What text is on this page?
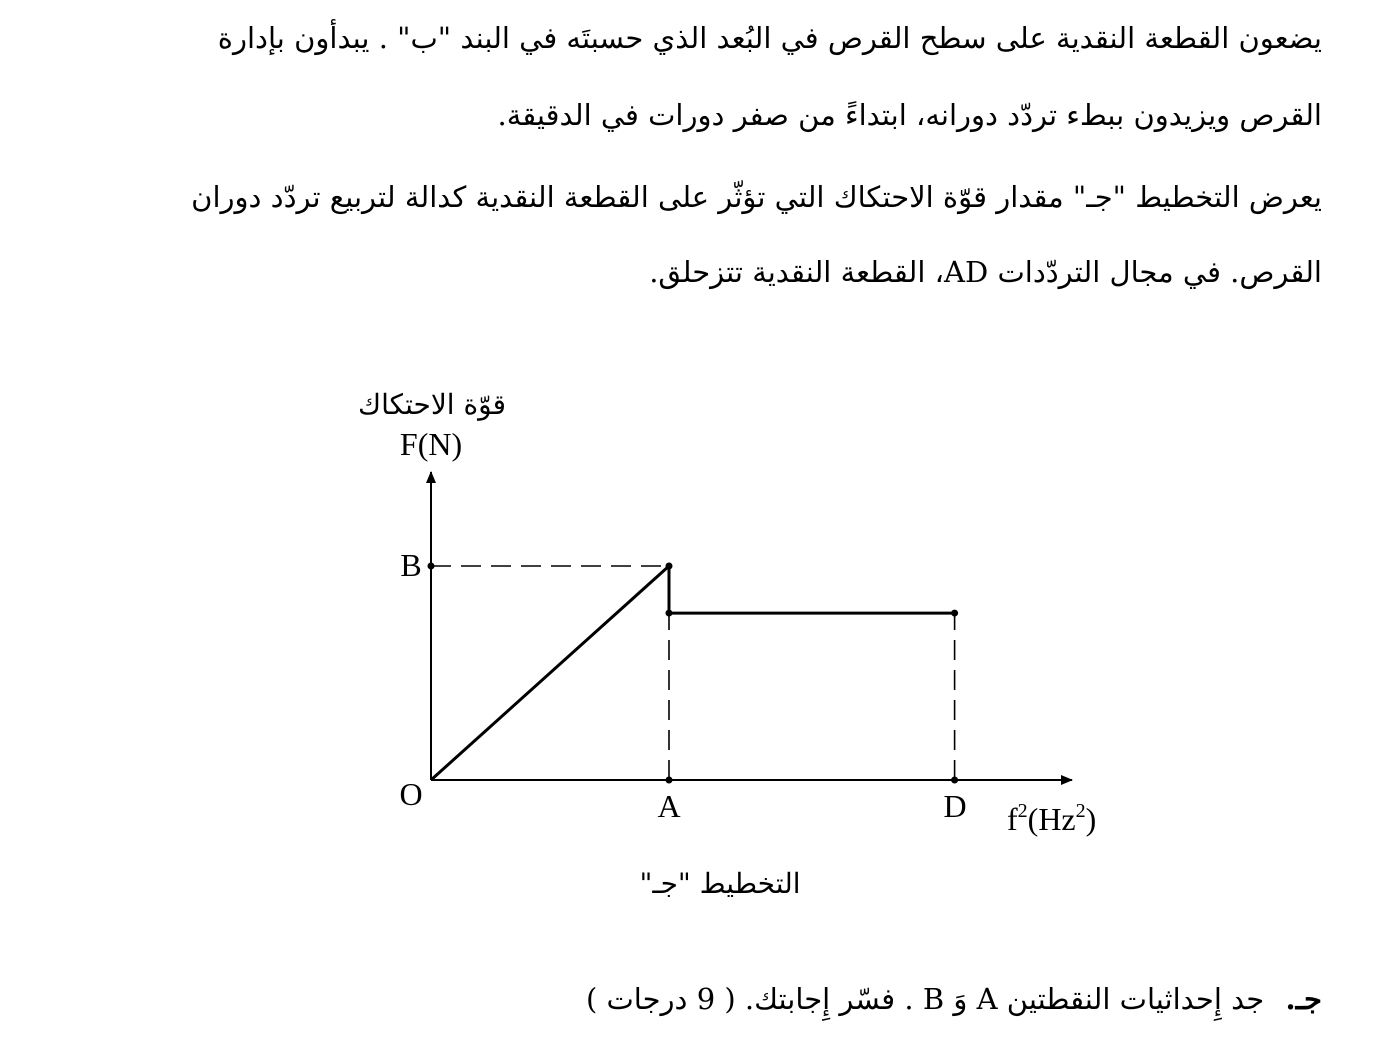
يضعون القطعة النقدية على سطح القرص في البُعد الذي حسبتَه في البند "ب" . يبدأون بإدارة
القرص ويزيدون ببطء تردّد دورانه، ابتداءً من صفر دورات في الدقيقة.
يعرض التخطيط "جـ" مقدار قوّة الاحتكاك التي تؤثّر على القطعة النقدية كدالة لتربيع تردّد دوران
القرص. في مجال التردّدات AD، القطعة النقدية تتزحلق.
قوّة الاحتكاك
F(N)
B
O	A	D $f^2(Hz^2)$
التخطيط "جـ"
جـ. جد إِحداثيات النقطتين A وَ B . فسّر إِجابتك. ( 9 درجات )
